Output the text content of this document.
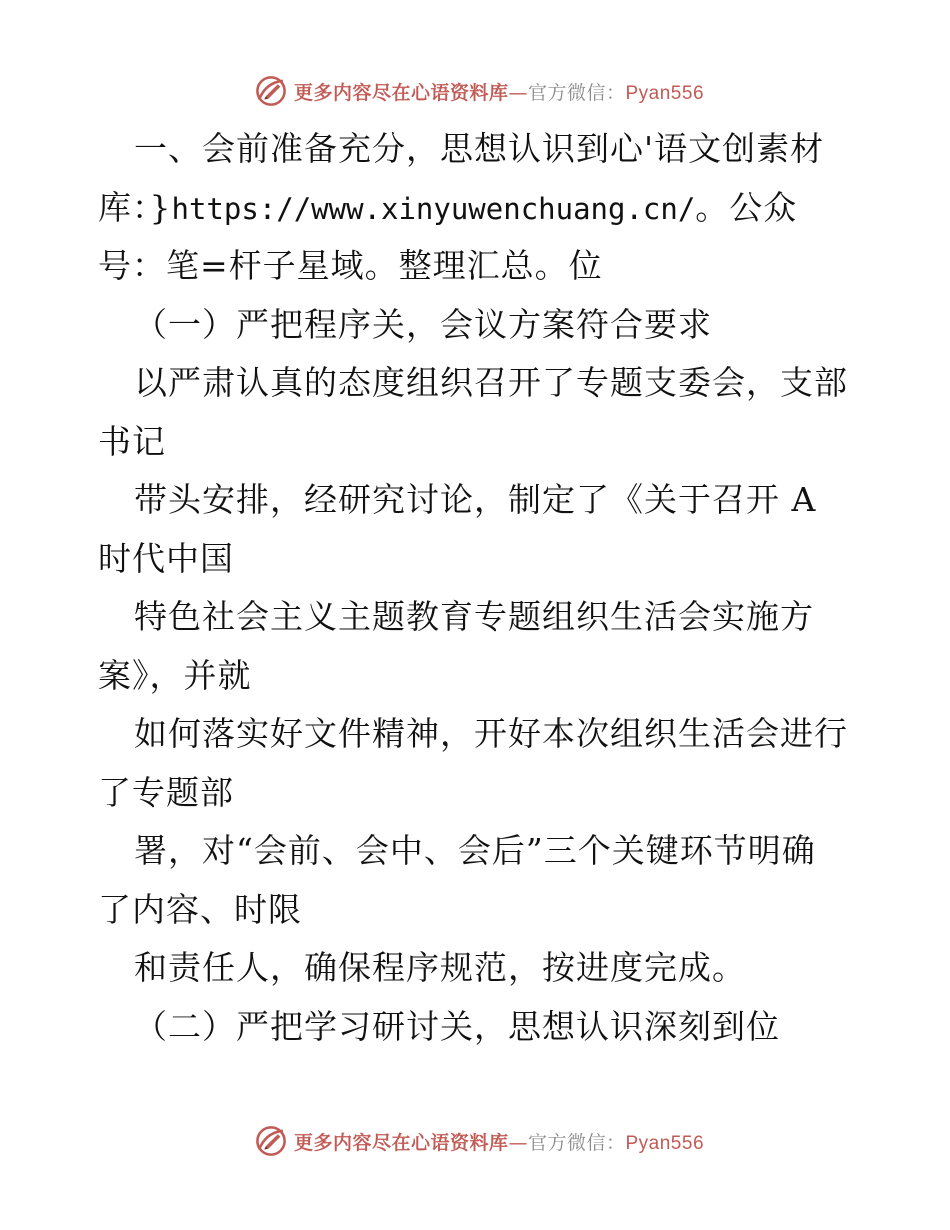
更多内容尽在心语资料库—官方微信：Pyan556
一、会前准备充分，思想认识到心'语文创素材
库：}https://www.xinyuwenchuang.cn/。公众
号：笔=杆子星域。整理汇总。位
（一）严把程序关，会议方案符合要求
以严肃认真的态度组织召开了专题支委会，支部
书记
带头安排，经研究讨论，制定了《关于召开 A
时代中国
特色社会主义主题教育专题组织生活会实施方
案》，并就
如何落实好文件精神，开好本次组织生活会进行
了专题部
署，对“会前、会中、会后”三个关键环节明确
了内容、时限
和责任人，确保程序规范，按进度完成。
（二）严把学习研讨关，思想认识深刻到位
更多内容尽在心语资料库—官方微信：Pyan556
